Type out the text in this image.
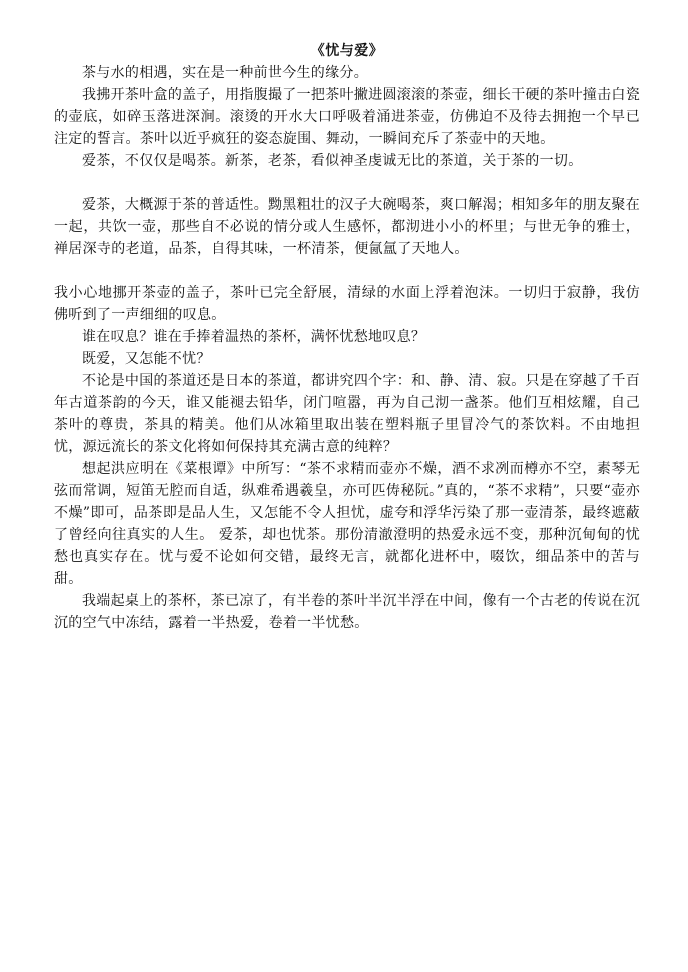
《忧与爱》

茶与水的相遇，实在是一种前世今生的缘分。

我拂开茶叶盒的盖子，用指腹撮了一把茶叶撇进圆滚滚的茶壶，细长干硬的茶叶撞击白瓷的壶底，如碎玉落进深涧。滚烫的开水大口呼吸着涌进茶壶，仿佛迫不及待去拥抱一个早已注定的誓言。茶叶以近乎疯狂的姿态旋围、舞动，一瞬间充斥了茶壶中的天地。

爱茶，不仅仅是喝茶。新茶，老茶，看似神圣虔诚无比的茶道，关于茶的一切。

爱茶，大概源于茶的普适性。黝黑粗壮的汉子大碗喝茶，爽口解渴；相知多年的朋友聚在一起，共饮一壶，那些自不必说的情分或人生感怀，都沏进小小的杯里；与世无争的雅士，禅居深寺的老道，品茶，自得其味，一杯清茶，便氤氲了天地人。

我小心地挪开茶壶的盖子，茶叶已完全舒展，清绿的水面上浮着泡沫。一切归于寂静，我仿佛听到了一声细细的叹息。

谁在叹息？谁在手捧着温热的茶杯，满怀忧愁地叹息？

既爱，又怎能不忧？

不论是中国的茶道还是日本的茶道，都讲究四个字：和、静、清、寂。只是在穿越了千百年古道茶韵的今天，谁又能褪去铅华，闭门喧嚣，再为自己沏一盏茶。他们互相炫耀，自己茶叶的尊贵，茶具的精美。他们从冰箱里取出装在塑料瓶子里冒冷气的茶饮料。不由地担忧，源远流长的茶文化将如何保持其充满古意的纯粹？

想起洪应明在《菜根谭》中所写：“茶不求精而壶亦不燥，酒不求冽而樽亦不空，素琴无弦而常调，短笛无腔而自适，纵难希遇羲皇，亦可匹俦秘阮。”真的，“茶不求精”，只要“壶亦不燥”即可，品茶即是品人生，又怎能不令人担忧，虚夸和浮华污染了那一壶清茶，最终遮蔽了曾经向往真实的人生。 爱茶，却也忧茶。那份清澈澄明的热爱永远不变，那种沉甸甸的忧愁也真实存在。忧与爱不论如何交错，最终无言，就都化进杯中，啜饮，细品茶中的苦与甜。

我端起桌上的茶杯，茶已凉了，有半卷的茶叶半沉半浮在中间，像有一个古老的传说在沉沉的空气中冻结，露着一半热爱，卷着一半忧愁。
